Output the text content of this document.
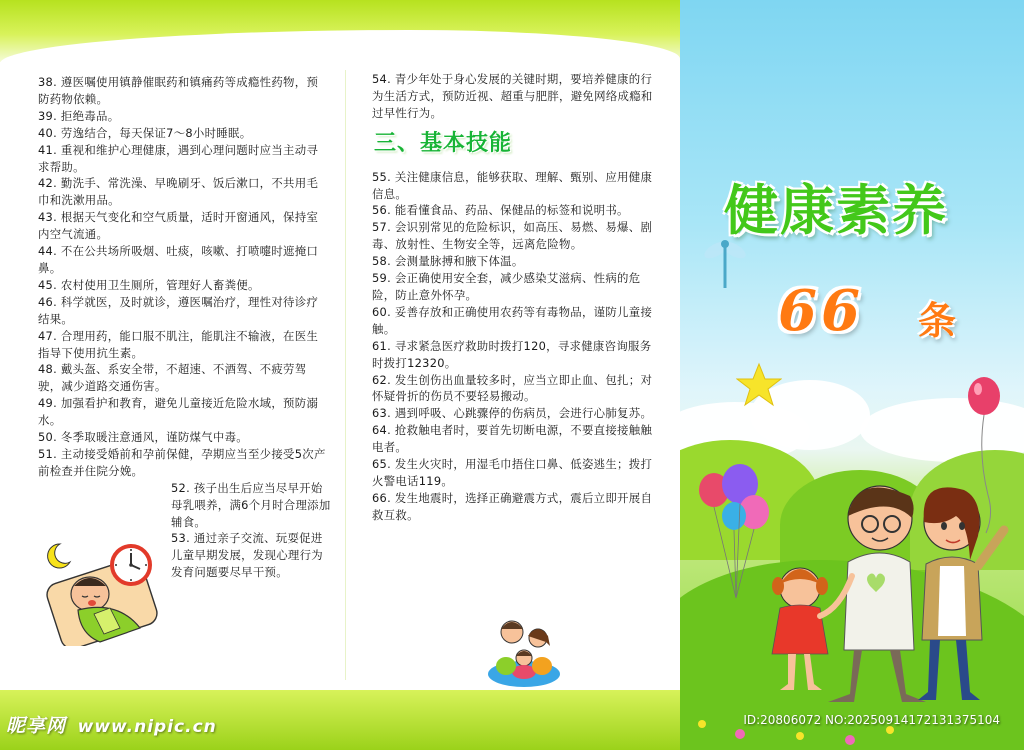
38. 遵医嘱使用镇静催眠药和镇痛药等成瘾性药物，预防药物依赖。

39. 拒绝毒品。

40. 劳逸结合，每天保证7～8小时睡眠。

41. 重视和维护心理健康，遇到心理问题时应当主动寻求帮助。

42. 勤洗手、常洗澡、早晚刷牙、饭后漱口，不共用毛巾和洗漱用品。

43. 根据天气变化和空气质量，适时开窗通风，保持室内空气流通。

44. 不在公共场所吸烟、吐痰，咳嗽、打喷嚏时遮掩口鼻。

45. 农村使用卫生厕所，管理好人畜粪便。

46. 科学就医，及时就诊，遵医嘱治疗，理性对待诊疗结果。

47. 合理用药，能口服不肌注，能肌注不输液，在医生指导下使用抗生素。

48. 戴头盔、系安全带，不超速、不酒驾、不疲劳驾驶，减少道路交通伤害。

49. 加强看护和教育，避免儿童接近危险水域，预防溺水。

50. 冬季取暖注意通风，谨防煤气中毒。

51. 主动接受婚前和孕前保健，孕期应当至少接受5次产前检查并住院分娩。

52. 孩子出生后应当尽早开始母乳喂养，满6个月时合理添加辅食。

53. 通过亲子交流、玩耍促进儿童早期发展，发现心理行为发育问题要尽早干预。

54. 青少年处于身心发展的关键时期，要培养健康的行为生活方式，预防近视、超重与肥胖，避免网络成瘾和过早性行为。

三、基本技能

55. 关注健康信息，能够获取、理解、甄别、应用健康信息。

56. 能看懂食品、药品、保健品的标签和说明书。

57. 会识别常见的危险标识，如高压、易燃、易爆、剧毒、放射性、生物安全等，远离危险物。

58. 会测量脉搏和腋下体温。

59. 会正确使用安全套，减少感染艾滋病、性病的危险，防止意外怀孕。

60. 妥善存放和正确使用农药等有毒物品，谨防儿童接触。

61. 寻求紧急医疗救助时拨打120，寻求健康咨询服务时拨打12320。

62. 发生创伤出血量较多时，应当立即止血、包扎；对怀疑骨折的伤员不要轻易搬动。

63. 遇到呼吸、心跳骤停的伤病员，会进行心肺复苏。

64. 抢救触电者时，要首先切断电源，不要直接接触触电者。

65. 发生火灾时，用湿毛巾捂住口鼻、低姿逃生；拨打火警电话119。

66. 发生地震时，选择正确避震方式，震后立即开展自救互救。

健康素养
66 条
昵享网 www.nipic.cn	ID:20806072 NO:20250914172131375104
